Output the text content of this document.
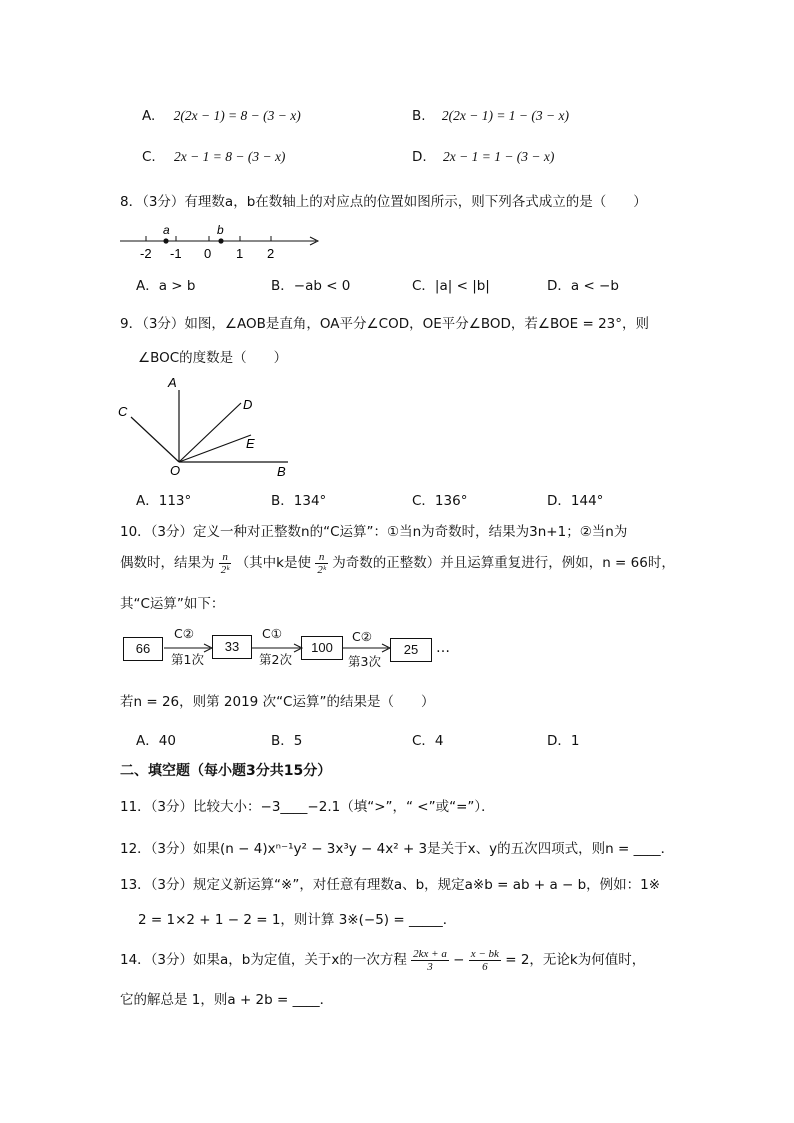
A. 2(2x − 1) = 8 − (3 − x)	B. 2(2x − 1) = 1 − (3 − x)
C. 2x − 1 = 8 − (3 − x)	D. 2x − 1 = 1 − (3 − x)
8．（3分）有理数a，b在数轴上的对应点的位置如图所示，则下列各式成立的是（　　）
a	b
-2 -1 0 1 2
A．a > b	B．−ab < 0	C．|a| < |b|	D．a < −b
9．（3分）如图，∠AOB是直角，OA平分∠COD，OE平分∠BOD，若∠BOE = 23°，则
∠BOC的度数是（　　）
A
C	D
E
O	B
A．113°	B．134°	C．136°	D．144°
10．（3分）定义一种对正整数n的“C运算”：①当n为奇数时，结果为3n+1；②当n为
偶数时，结果为 $\frac{n}{\text{2ᵏ}}$ （其中k是使 $\frac{n}{\text{2ᵏ}}$ 为奇数的正整数）并且运算重复进行，例如，n = 66时，
其“C运算”如下：
66	33	100	25
C②	C①	C②
第1次	第2次	第3次
…
若n = 26，则第 2019 次“C运算”的结果是（　　）
A．40	B．5	C．4	D．1
二、填空题（每小题3分共15分）
11．（3分）比较大小：−3____−2.1（填“>”，“ <”或“=”）．
12．（3分）如果(n − 4)xⁿ⁻¹y² − 3x³y − 4x² + 3是关于x、y的五次四项式，则n = ____．
13．（3分）规定义新运算“※”，对任意有理数a、b，规定a※b = ab + a − b，例如：1※
2 = 1×2 + 1 − 2 = 1，则计算 3※(−5) = _____．
14．（3分）如果a，b为定值，关于x的一次方程 $\frac{2kx + a}{3} - \frac{x - bk}{6} = 2$，无论k为何值时，
它的解总是 1，则a + 2b = ____．
